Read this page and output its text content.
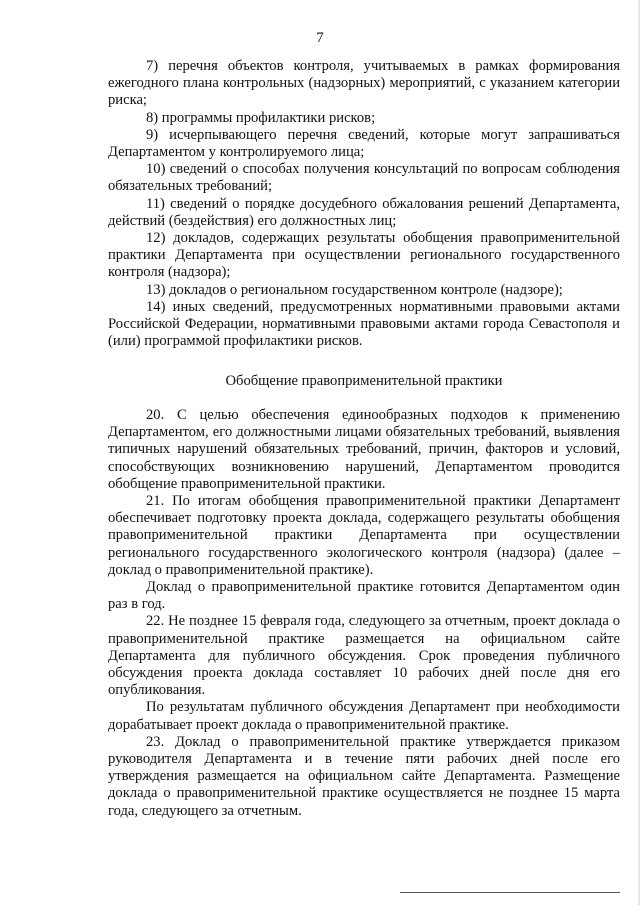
7

7) перечня объектов контроля, учитываемых в рамках формирования ежегодного плана контрольных (надзорных) мероприятий, с указанием категории риска;

8) программы профилактики рисков;

9) исчерпывающего перечня сведений, которые могут запрашиваться Департаментом у контролируемого лица;

10) сведений о способах получения консультаций по вопросам соблюдения обязательных требований;

11) сведений о порядке досудебного обжалования решений Департамента, действий (бездействия) его должностных лиц;

12) докладов, содержащих результаты обобщения правоприменительной практики Департамента при осуществлении регионального государственного контроля (надзора);

13) докладов о региональном государственном контроле (надзоре);

14) иных сведений, предусмотренных нормативными правовыми актами Российской Федерации, нормативными правовыми актами города Севастополя и (или) программой профилактики рисков.

Обобщение правоприменительной практики

20. С целью обеспечения единообразных подходов к применению Департаментом, его должностными лицами обязательных требований, выявления типичных нарушений обязательных требований, причин, факторов и условий, способствующих возникновению нарушений, Департаментом проводится обобщение правоприменительной практики.

21. По итогам обобщения правоприменительной практики Департамент обеспечивает подготовку проекта доклада, содержащего результаты обобщения правоприменительной практики Департамента при осуществлении регионального государственного экологического контроля (надзора) (далее – доклад о правоприменительной практике).

Доклад о правоприменительной практике готовится Департаментом один раз в год.

22. Не позднее 15 февраля года, следующего за отчетным, проект доклада о правоприменительной практике размещается на официальном сайте Департамента для публичного обсуждения. Срок проведения публичного обсуждения проекта доклада составляет 10 рабочих дней после дня его опубликования.

По результатам публичного обсуждения Департамент при необходимости дорабатывает проект доклада о правоприменительной практике.

23. Доклад о правоприменительной практике утверждается приказом руководителя Департамента и в течение пяти рабочих дней после его утверждения размещается на официальном сайте Департамента. Размещение доклада о правоприменительной практике осуществляется не позднее 15 марта года, следующего за отчетным.
